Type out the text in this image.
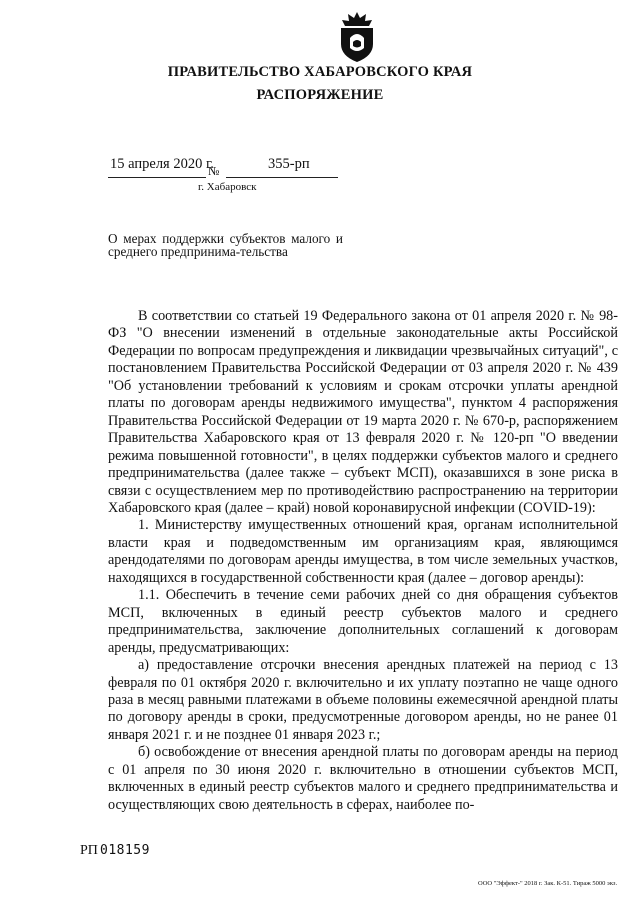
ПРАВИТЕЛЬСТВО ХАБАРОВСКОГО КРАЯ
РАСПОРЯЖЕНИЕ
15 апреля 2020 г.
№	355-рп
г. Хабаровск
О мерах поддержки субъектов малого и среднего предпринима-тельства

В соответствии со статьей 19 Федерального закона от 01 апреля 2020 г. № 98-ФЗ "О внесении изменений в отдельные законодательные акты Российской Федерации по вопросам предупреждения и ликвидации чрезвычайных ситуаций", с постановлением Правительства Российской Федерации от 03 апреля 2020 г. № 439 "Об установлении требований к условиям и срокам отсрочки уплаты арендной платы по договорам аренды недвижимого имущества", пунктом 4 распоряжения Правительства Российской Федерации от 19 марта 2020 г. № 670-р, распоряжением Правительства Хабаровского края от 13 февраля 2020 г. № 120-рп "О введении режима повышенной готовности", в целях поддержки субъектов малого и среднего предпринимательства (далее также – субъект МСП), оказавшихся в зоне риска в связи с осуществлением мер по противодействию распространению на территории Хабаровского края (далее – край) новой коронавирусной инфекции (COVID-19):

1. Министерству имущественных отношений края, органам исполнительной власти края и подведомственным им организациям края, являющимся арендодателями по договорам аренды имущества, в том числе земельных участков, находящихся в государственной собственности края (далее – договор аренды):

1.1. Обеспечить в течение семи рабочих дней со дня обращения субъектов МСП, включенных в единый реестр субъектов малого и среднего предпринимательства, заключение дополнительных соглашений к договорам аренды, предусматривающих:

а) предоставление отсрочки внесения арендных платежей на период с 13 февраля по 01 октября 2020 г. включительно и их уплату поэтапно не чаще одного раза в месяц равными платежами в объеме половины ежемесячной арендной платы по договору аренды в сроки, предусмотренные договором аренды, но не ранее 01 января 2021 г. и не позднее 01 января 2023 г.;

б) освобождение от внесения арендной платы по договорам аренды на период с 01 апреля по 30 июня 2020 г. включительно в отношении субъектов МСП, включенных в единый реестр субъектов малого и среднего предпринимательства и осуществляющих свою деятельность в сферах, наиболее по-

РП 018159
ООО "Эффект-" 2018 г. Зак. К-51. Тираж 5000 экз.
